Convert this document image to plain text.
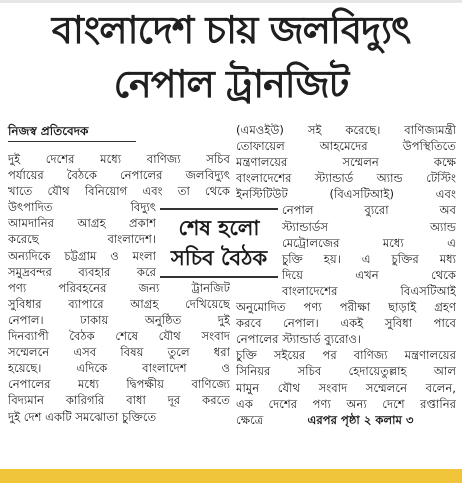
বাংলাদেশ চায় জলবিদ্যুৎ
নেপাল ট্রানজিট
নিজস্ব প্রতিবেদক
দুই দেশের মধ্যে বাণিজ্য সচিব
পর্যায়ের বৈঠকে নেপালের জলবিদ্যুৎ
খাতে যৌথ বিনিয়োগ এবং তা থেকে
উৎপাদিত বিদ্যুৎ
আমদানির আগ্রহ প্রকাশ
করেছে বাংলাদেশ।
অন্যদিকে চট্টগ্রাম ও মংলা
সমুদ্রবন্দর ব্যবহার করে
পণ্য পরিবহনের জন্য ট্রানজিট
সুবিধার ব্যাপারে আগ্রহ দেখিয়েছে
নেপাল। ঢাকায় অনুষ্ঠিত দুই
দিনব্যাপী বৈঠক শেষে যৌথ সংবাদ
সম্মেলনে এসব বিষয় তুলে ধরা
হয়েছে। এদিকে বাংলাদেশ ও
নেপালের মধ্যে দ্বিপক্ষীয় বাণিজ্যে
বিদ্যমান কারিগরি বাধা দূর করতে
দুই দেশ একটি সমঝোতা চুক্তিতে
(এমওইউ) সই করেছে। বাণিজ্যমন্ত্রী
তোফায়েল আহমেদের উপস্থিতিতে
মন্ত্রণালয়ের সম্মেলন কক্ষে
বাংলাদেশের স্ট্যান্ডার্ড অ্যান্ড টেস্টিং
ইনস্টিটিউট (বিএসটিআই) এবং
নেপাল ব্যুরো অব
স্ট্যান্ডার্ডস অ্যান্ড
মেট্রোলজের মধ্যে এ
চুক্তি হয়। এ চুক্তির মধ্য
দিয়ে এখন থেকে
বাংলাদেশের বিএসটিআই
অনুমোদিত পণ্য পরীক্ষা ছাড়াই গ্রহণ
করবে নেপাল। একই সুবিধা পাবে
নেপালের স্ট্যান্ডার্ড ব্যুরোও।
চুক্তি সইয়ের পর বাণিজ্য মন্ত্রণালয়ের
সিনিয়র সচিব হেদায়েতুল্লাহ আল
মামুন যৌথ সংবাদ সম্মেলনে বলেন,
এক দেশের পণ্য অন্য দেশে রপ্তানির
ক্ষেত্রে	এরপর পৃষ্ঠা ২ কলাম ৩
শেষ হলো
সচিব বৈঠক
